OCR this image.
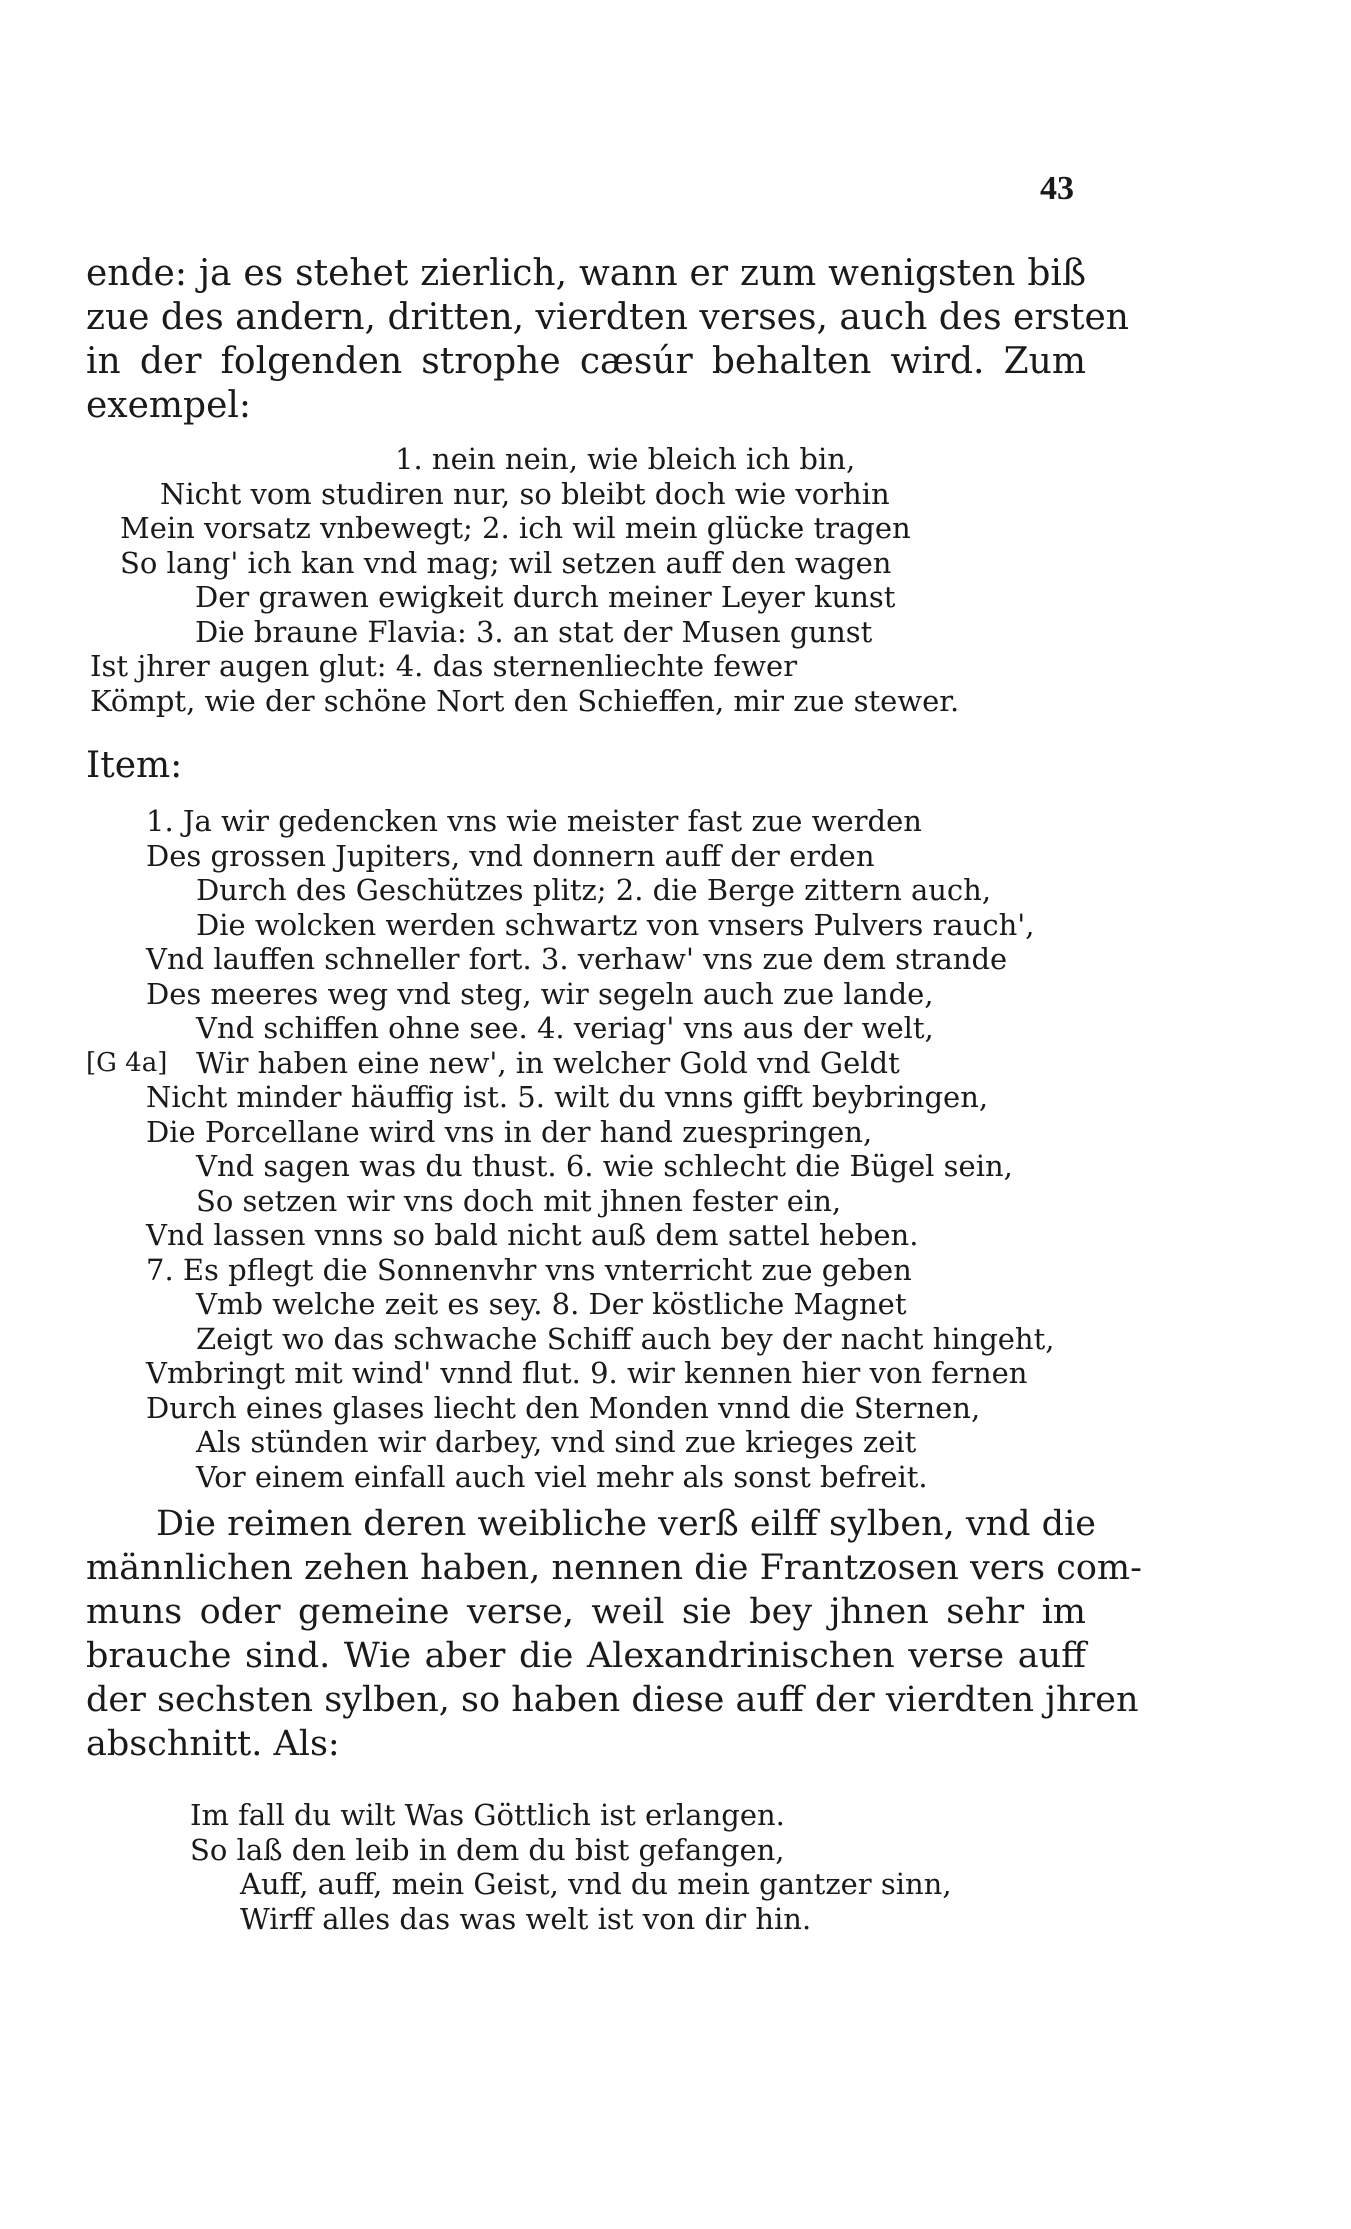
43
ende: ja es stehet zierlich, wann er zum wenigsten biß
zue des andern, dritten, vierdten verses, auch des ersten
in der folgenden strophe cæsúr behalten wird. Zum
exempel:
1. nein nein, wie bleich ich bin,
Nicht vom studiren nur, so bleibt doch wie vorhin
Mein vorsatz vnbewegt; 2. ich wil mein glücke tragen
So lang' ich kan vnd mag; wil setzen auff den wagen
Der grawen ewigkeit durch meiner Leyer kunst
Die braune Flavia: 3. an stat der Musen gunst
Ist jhrer augen glut: 4. das sternenliechte fewer
Kömpt, wie der schöne Nort den Schieffen, mir zue stewer.
Item:
1. Ja wir gedencken vns wie meister fast zue werden
Des grossen Jupiters, vnd donnern auff der erden
Durch des Geschützes plitz; 2. die Berge zittern auch,
Die wolcken werden schwartz von vnsers Pulvers rauch',
Vnd lauffen schneller fort. 3. verhaw' vns zue dem strande
Des meeres weg vnd steg, wir segeln auch zue lande,
Vnd schiffen ohne see. 4. veriag' vns aus der welt,
[G 4a] Wir haben eine new', in welcher Gold vnd Geldt
Nicht minder häuffig ist. 5. wilt du vnns gifft beybringen,
Die Porcellane wird vns in der hand zuespringen,
Vnd sagen was du thust. 6. wie schlecht die Bügel sein,
So setzen wir vns doch mit jhnen fester ein,
Vnd lassen vnns so bald nicht auß dem sattel heben.
7. Es pflegt die Sonnenvhr vns vnterricht zue geben
Vmb welche zeit es sey. 8. Der köstliche Magnet
Zeigt wo das schwache Schiff auch bey der nacht hingeht,
Vmbringt mit wind' vnnd flut. 9. wir kennen hier von fernen
Durch eines glases liecht den Monden vnnd die Sternen,
Als stünden wir darbey, vnd sind zue krieges zeit
Vor einem einfall auch viel mehr als sonst befreit.
Die reimen deren weibliche verß eilff sylben, vnd die
männlichen zehen haben, nennen die Frantzosen vers com-
muns oder gemeine verse, weil sie bey jhnen sehr im
brauche sind. Wie aber die Alexandrinischen verse auff
der sechsten sylben, so haben diese auff der vierdten jhren
abschnitt. Als:
Im fall du wilt Was Göttlich ist erlangen.
So laß den leib in dem du bist gefangen,
Auff, auff, mein Geist, vnd du mein gantzer sinn,
Wirff alles das was welt ist von dir hin.
